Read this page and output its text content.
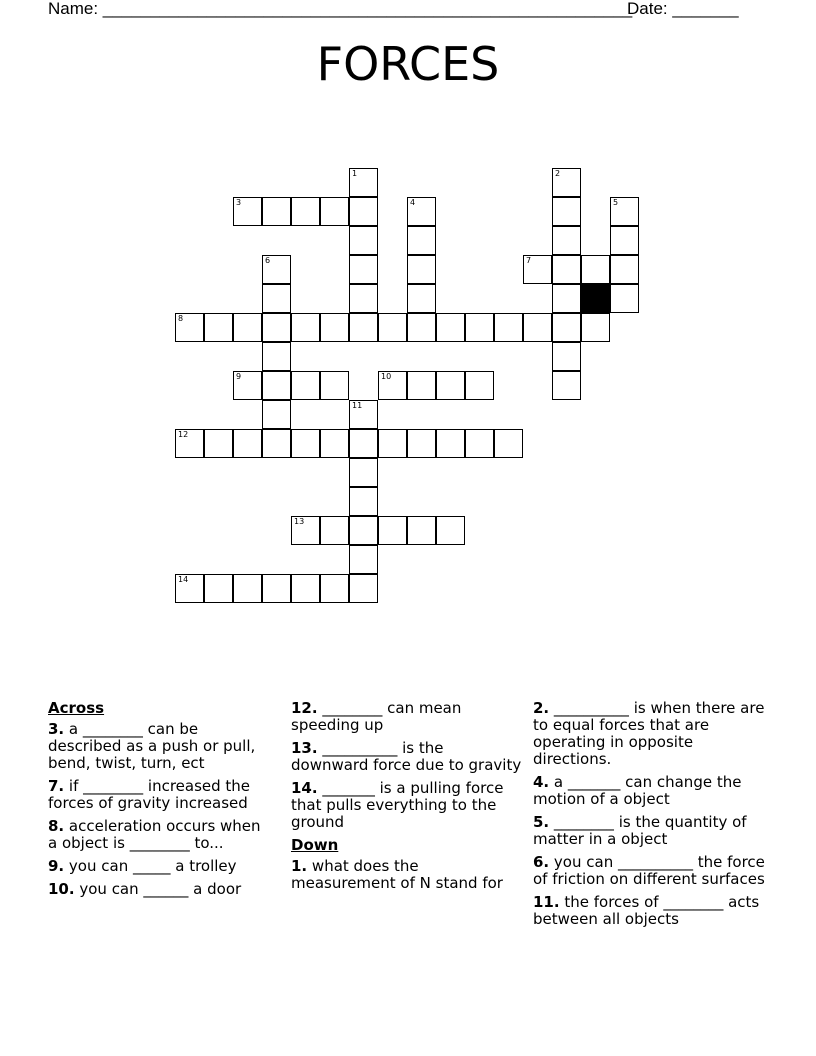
Name: ________________________________________________________
Date: _______
FORCES
1	2
3	4	5
6	7
8
9	10
11
12
13
14
Across
3. a ________ can be described as a push or pull, bend, twist, turn, ect
7. if ________ increased the forces of gravity increased
8. acceleration occurs when a object is ________ to...
9. you can _____ a trolley
10. you can ______ a door
12. ________ can mean speeding up
13. __________ is the downward force due to gravity
14. _______ is a pulling force that pulls everything to the ground
Down
1. what does the measurement of N stand for
2. __________ is when there are to equal forces that are operating in opposite directions.
4. a _______ can change the motion of a object
5. ________ is the quantity of matter in a object
6. you can __________ the force of friction on different surfaces
11. the forces of ________ acts between all objects
